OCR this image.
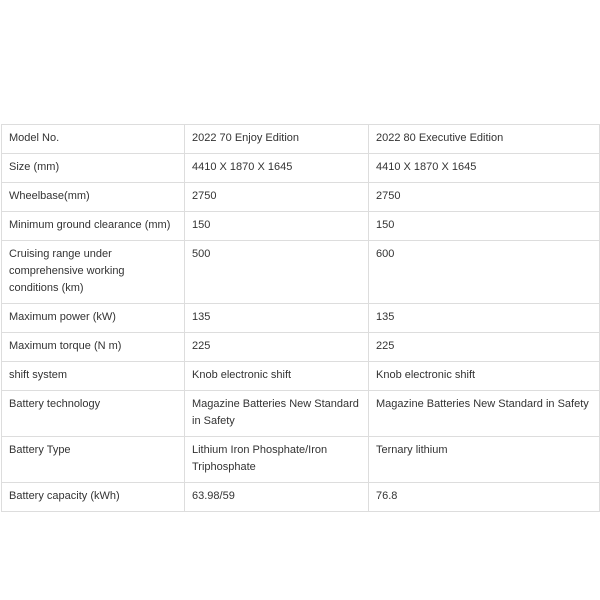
Model No.	2022 70 Enjoy Edition	2022 80 Executive Edition
Size (mm)	4410 X 1870 X 1645	4410 X 1870 X 1645
Wheelbase(mm)	2750	2750
Minimum ground clearance (mm)	150	150
Cruising range under comprehensive working conditions (km)	500	600
Maximum power (kW)	135	135
Maximum torque (N m)	225	225
shift system	Knob electronic shift	Knob electronic shift
Battery technology	Magazine Batteries New Standard in Safety	Magazine Batteries New Standard in Safety
Battery Type	Lithium Iron Phosphate/Iron Triphosphate	Ternary lithium
Battery capacity (kWh)	63.98/59	76.8
